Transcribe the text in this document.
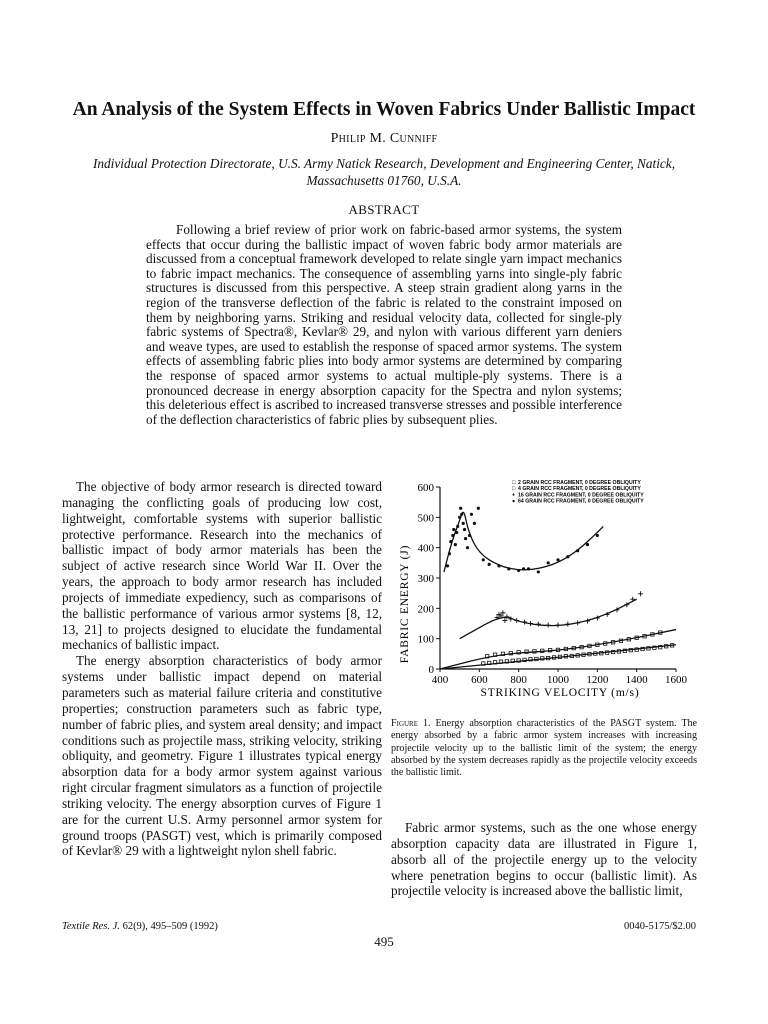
An Analysis of the System Effects in Woven Fabrics Under Ballistic Impact
Philip M. Cunniff
Individual Protection Directorate, U.S. Army Natick Research, Development and Engineering Center, Natick, Massachusetts 01760, U.S.A.
ABSTRACT

Following a brief review of prior work on fabric-based armor systems, the system effects that occur during the ballistic impact of woven fabric body armor materials are discussed from a conceptual framework developed to relate single yarn impact mechanics to fabric impact mechanics. The consequence of assembling yarns into single-ply fabric structures is discussed from this perspective. A steep strain gradient along yarns in the region of the transverse deflection of the fabric is related to the constraint imposed on them by neighboring yarns. Striking and residual velocity data, collected for single-ply fabric systems of Spectra®, Kevlar® 29, and nylon with various different yarn deniers and weave types, are used to establish the response of spaced armor systems. The system effects of assembling fabric plies into body armor systems are determined by comparing the response of spaced armor systems to actual multiple-ply systems. There is a pronounced decrease in energy absorption capacity for the Spectra and nylon systems; this deleterious effect is ascribed to increased transverse stresses and possible interference of the deflection characteristics of fabric plies by subsequent plies.

The objective of body armor research is directed toward managing the conflicting goals of producing low cost, lightweight, comfortable systems with superior ballistic protective performance. Research into the mechanics of ballistic impact of body armor materials has been the subject of active research since World War II. Over the years, the approach to body armor research has included projects of immediate expediency, such as comparisons of the ballistic performance of various armor systems [8, 12, 13, 21] to projects designed to elucidate the fundamental mechanics of ballistic impact.

The energy absorption characteristics of body armor systems under ballistic impact depend on material parameters such as material failure criteria and constitutive properties; construction parameters such as fabric type, number of fabric plies, and system areal density; and impact conditions such as projectile mass, striking velocity, striking obliquity, and geometry. Figure 1 illustrates typical energy absorption data for a body armor system against various right circular fragment simulators as a function of projectile striking velocity. The energy absorption curves of Figure 1 are for the current U.S. Army personnel armor system for ground troops (PASGT) vest, which is primarily composed of Kevlar® 29 with a lightweight nylon shell fabric.

0
100
200
300
400
500
600
400 600 800 1000 1200 1400 1600
□ 2 GRAIN RCC FRAGMENT, 0 DEGREE OBLIQUITY
□ 4 GRAIN RCC FRAGMENT, 0 DEGREE OBLIQUITY
+ 16 GRAIN RCC FRAGMENT, 0 DEGREE OBLIQUITY
● 64 GRAIN RCC FRAGMENT, 0 DEGREE OBLIQUITY
FABRIC ENERGY (J)
STRIKING VELOCITY (m/s)
Figure 1. Energy absorption characteristics of the PASGT system. The energy absorbed by a fabric armor system increases with increasing projectile velocity up to the ballistic limit of the system; the energy absorbed by the system decreases rapidly as the projectile velocity exceeds the ballistic limit.

Fabric armor systems, such as the one whose energy absorption capacity data are illustrated in Figure 1, absorb all of the projectile energy up to the velocity where penetration begins to occur (ballistic limit). As projectile velocity is increased above the ballistic limit,

Textile Res. J. 62(9), 495–509 (1992)	0040-5175/$2.00
495
